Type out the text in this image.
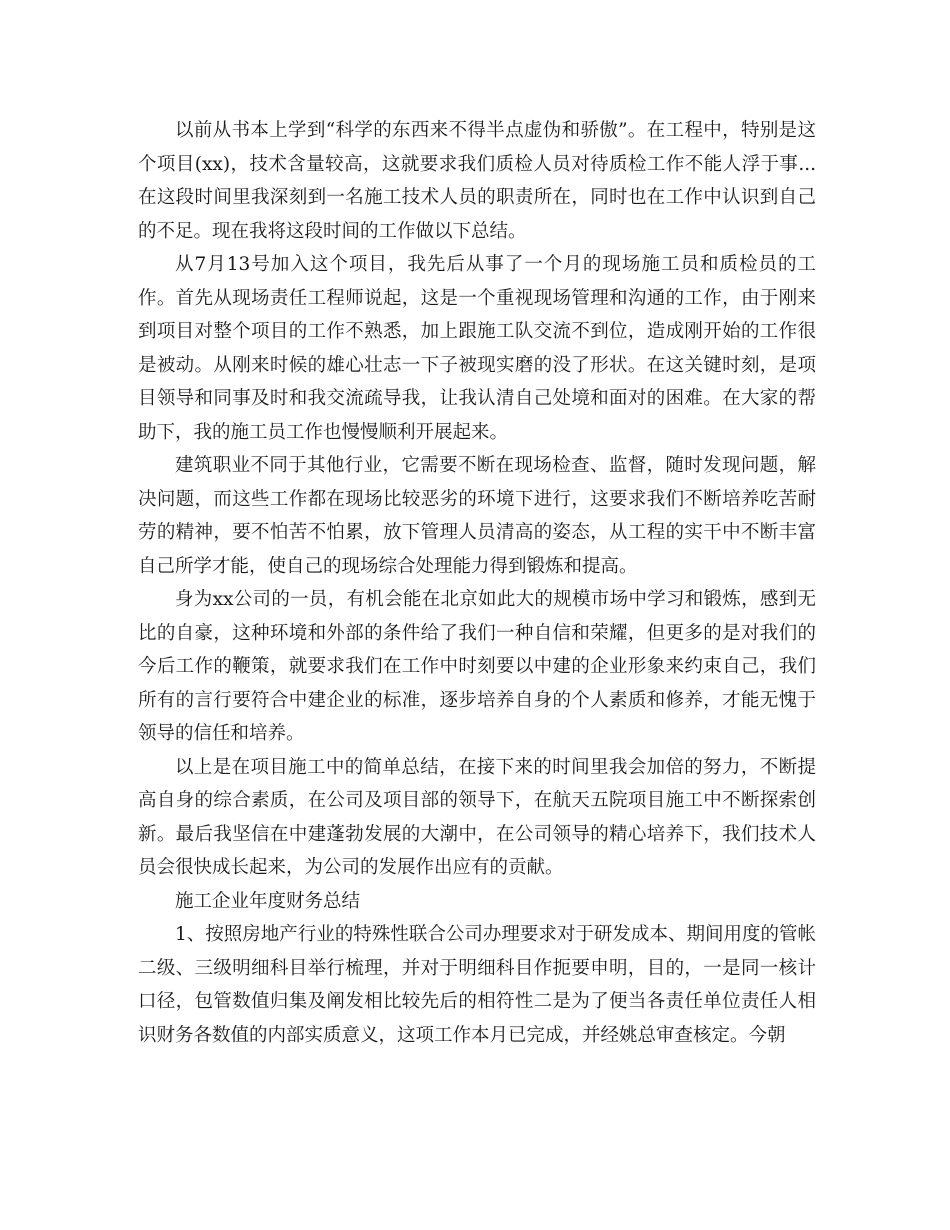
以前从书本上学到“科学的东西来不得半点虚伪和骄傲”。在工程中，特别是这个项目(xx)，技术含量较高，这就要求我们质检人员对待质检工作不能人浮于事...在这段时间里我深刻到一名施工技术人员的职责所在，同时也在工作中认识到自己的不足。现在我将这段时间的工作做以下总结。

从7月13号加入这个项目，我先后从事了一个月的现场施工员和质检员的工作。首先从现场责任工程师说起，这是一个重视现场管理和沟通的工作，由于刚来到项目对整个项目的工作不熟悉，加上跟施工队交流不到位，造成刚开始的工作很是被动。从刚来时候的雄心壮志一下子被现实磨的没了形状。在这关键时刻，是项目领导和同事及时和我交流疏导我，让我认清自己处境和面对的困难。在大家的帮助下，我的施工员工作也慢慢顺利开展起来。

建筑职业不同于其他行业，它需要不断在现场检查、监督，随时发现问题，解决问题，而这些工作都在现场比较恶劣的环境下进行，这要求我们不断培养吃苦耐劳的精神，要不怕苦不怕累，放下管理人员清高的姿态，从工程的实干中不断丰富自己所学才能，使自己的现场综合处理能力得到锻炼和提高。

身为xx公司的一员，有机会能在北京如此大的规模市场中学习和锻炼，感到无比的自豪，这种环境和外部的条件给了我们一种自信和荣耀，但更多的是对我们的今后工作的鞭策，就要求我们在工作中时刻要以中建的企业形象来约束自己，我们所有的言行要符合中建企业的标准，逐步培养自身的个人素质和修养，才能无愧于领导的信任和培养。

以上是在项目施工中的简单总结，在接下来的时间里我会加倍的努力，不断提高自身的综合素质，在公司及项目部的领导下，在航天五院项目施工中不断探索创新。最后我坚信在中建蓬勃发展的大潮中，在公司领导的精心培养下，我们技术人员会很快成长起来，为公司的发展作出应有的贡献。

施工企业年度财务总结

1、按照房地产行业的特殊性联合公司办理要求对于研发成本、期间用度的管帐二级、三级明细科目举行梳理，并对于明细科目作扼要申明，目的，一是同一核计口径，包管数值归集及阐发相比较先后的相符性二是为了便当各责任单位责任人相识财务各数值的内部实质意义，这项工作本月已完成，并经姚总审查核定。今朝
